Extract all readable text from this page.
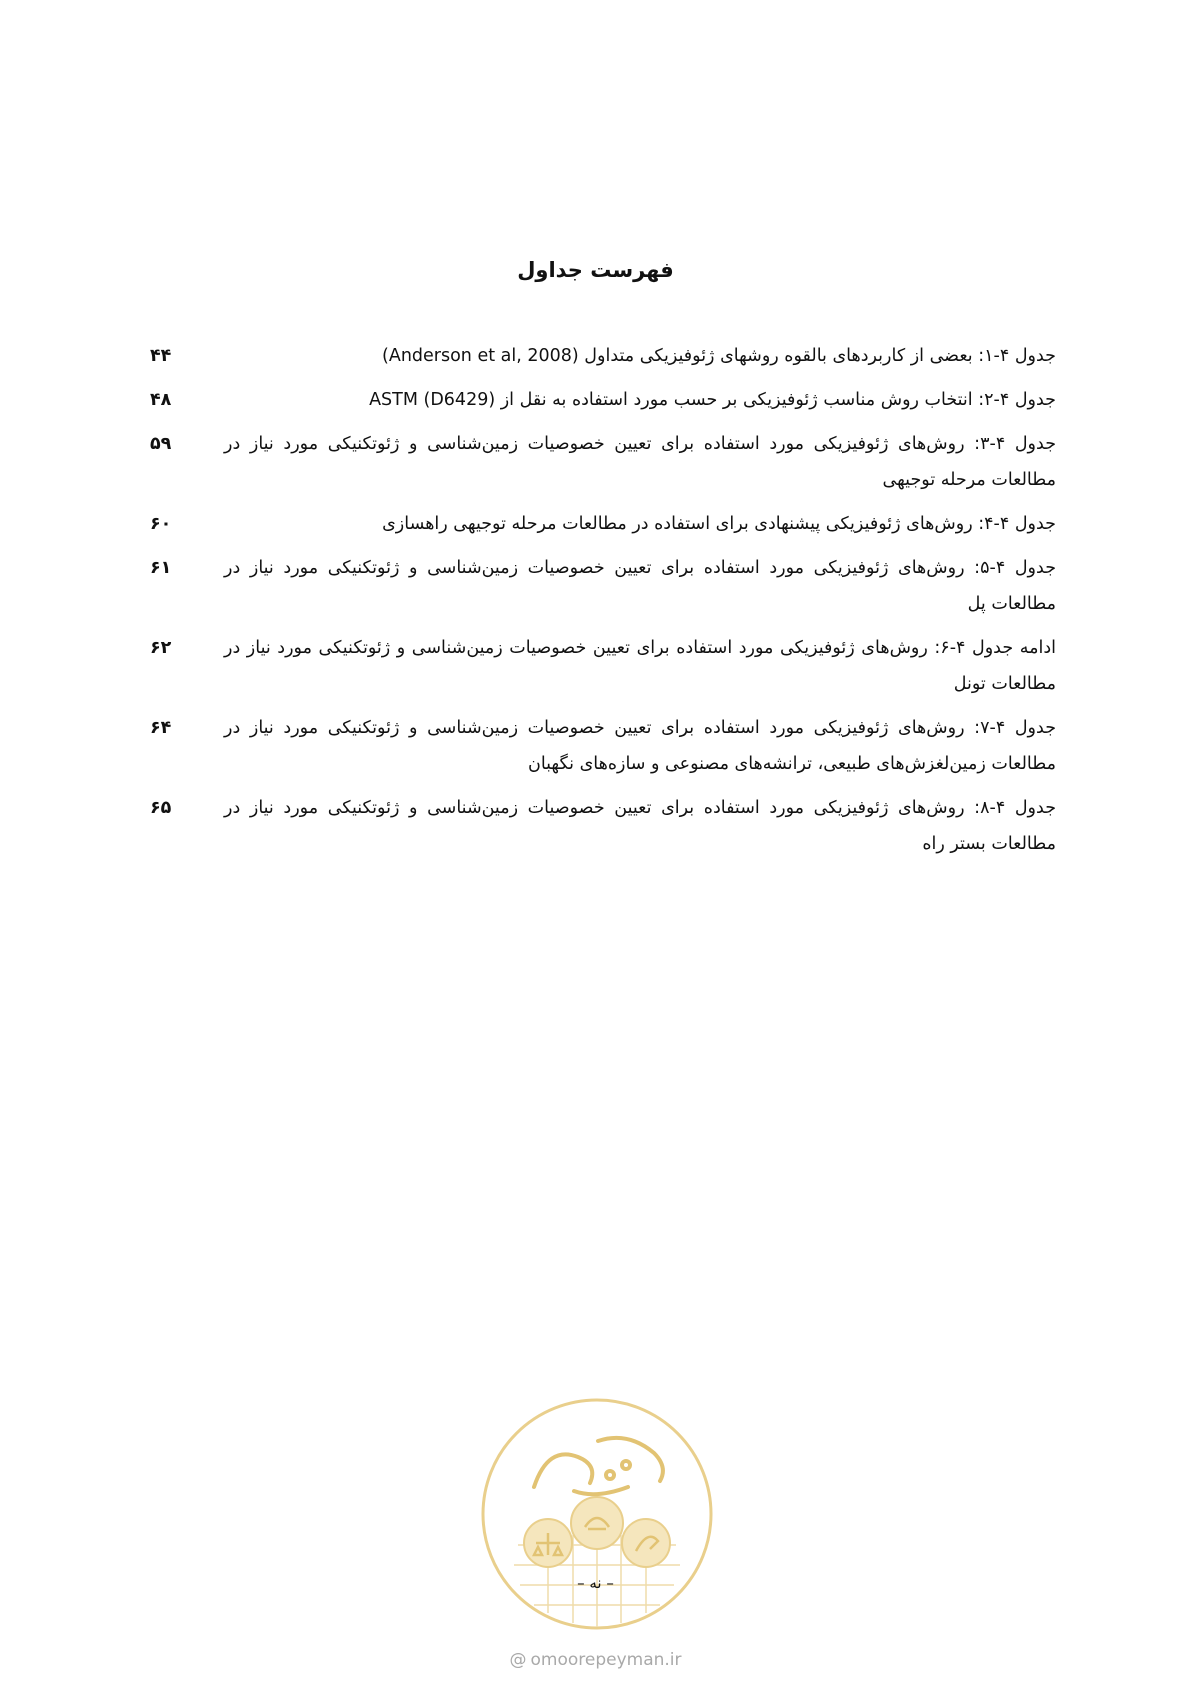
فهرست جداول
جدول ۴-۱: بعضی از کاربردهای بالقوه روشهای ژئوفیزیکی متداول (Anderson et al, 2008)
۴۴
جدول ۴-۲: انتخاب روش مناسب ژئوفیزیکی بر حسب مورد استفاده به نقل از (ASTM (D6429
۴۸
جدول ۴-۳: روش‌های ژئوفیزیکی مورد استفاده برای تعیین خصوصیات زمین‌شناسی و ژئوتکنیکی مورد نیاز در مطالعات مرحله توجیهی
۵۹
جدول ۴-۴: روش‌های ژئوفیزیکی پیشنهادی برای استفاده در مطالعات مرحله توجیهی راهسازی
۶۰
جدول ۴-۵: روش‌های ژئوفیزیکی مورد استفاده برای تعیین خصوصیات زمین‌شناسی و ژئوتکنیکی مورد نیاز در مطالعات پل
۶۱
ادامه جدول ۴-۶: روش‌های ژئوفیزیکی مورد استفاده برای تعیین خصوصیات زمین‌شناسی و ژئوتکنیکی مورد نیاز در مطالعات تونل
۶۲
جدول ۴-۷: روش‌های ژئوفیزیکی مورد استفاده برای تعیین خصوصیات زمین‌شناسی و ژئوتکنیکی مورد نیاز در مطالعات زمین‌لغزش‌های طبیعی، ترانشه‌های مصنوعی و سازه‌های نگهبان
۶۴
جدول ۴-۸: روش‌های ژئوفیزیکی مورد استفاده برای تعیین خصوصیات زمین‌شناسی و ژئوتکنیکی مورد نیاز در مطالعات بستر راه
۶۵
– نه –
@ omoorepeyman.ir
